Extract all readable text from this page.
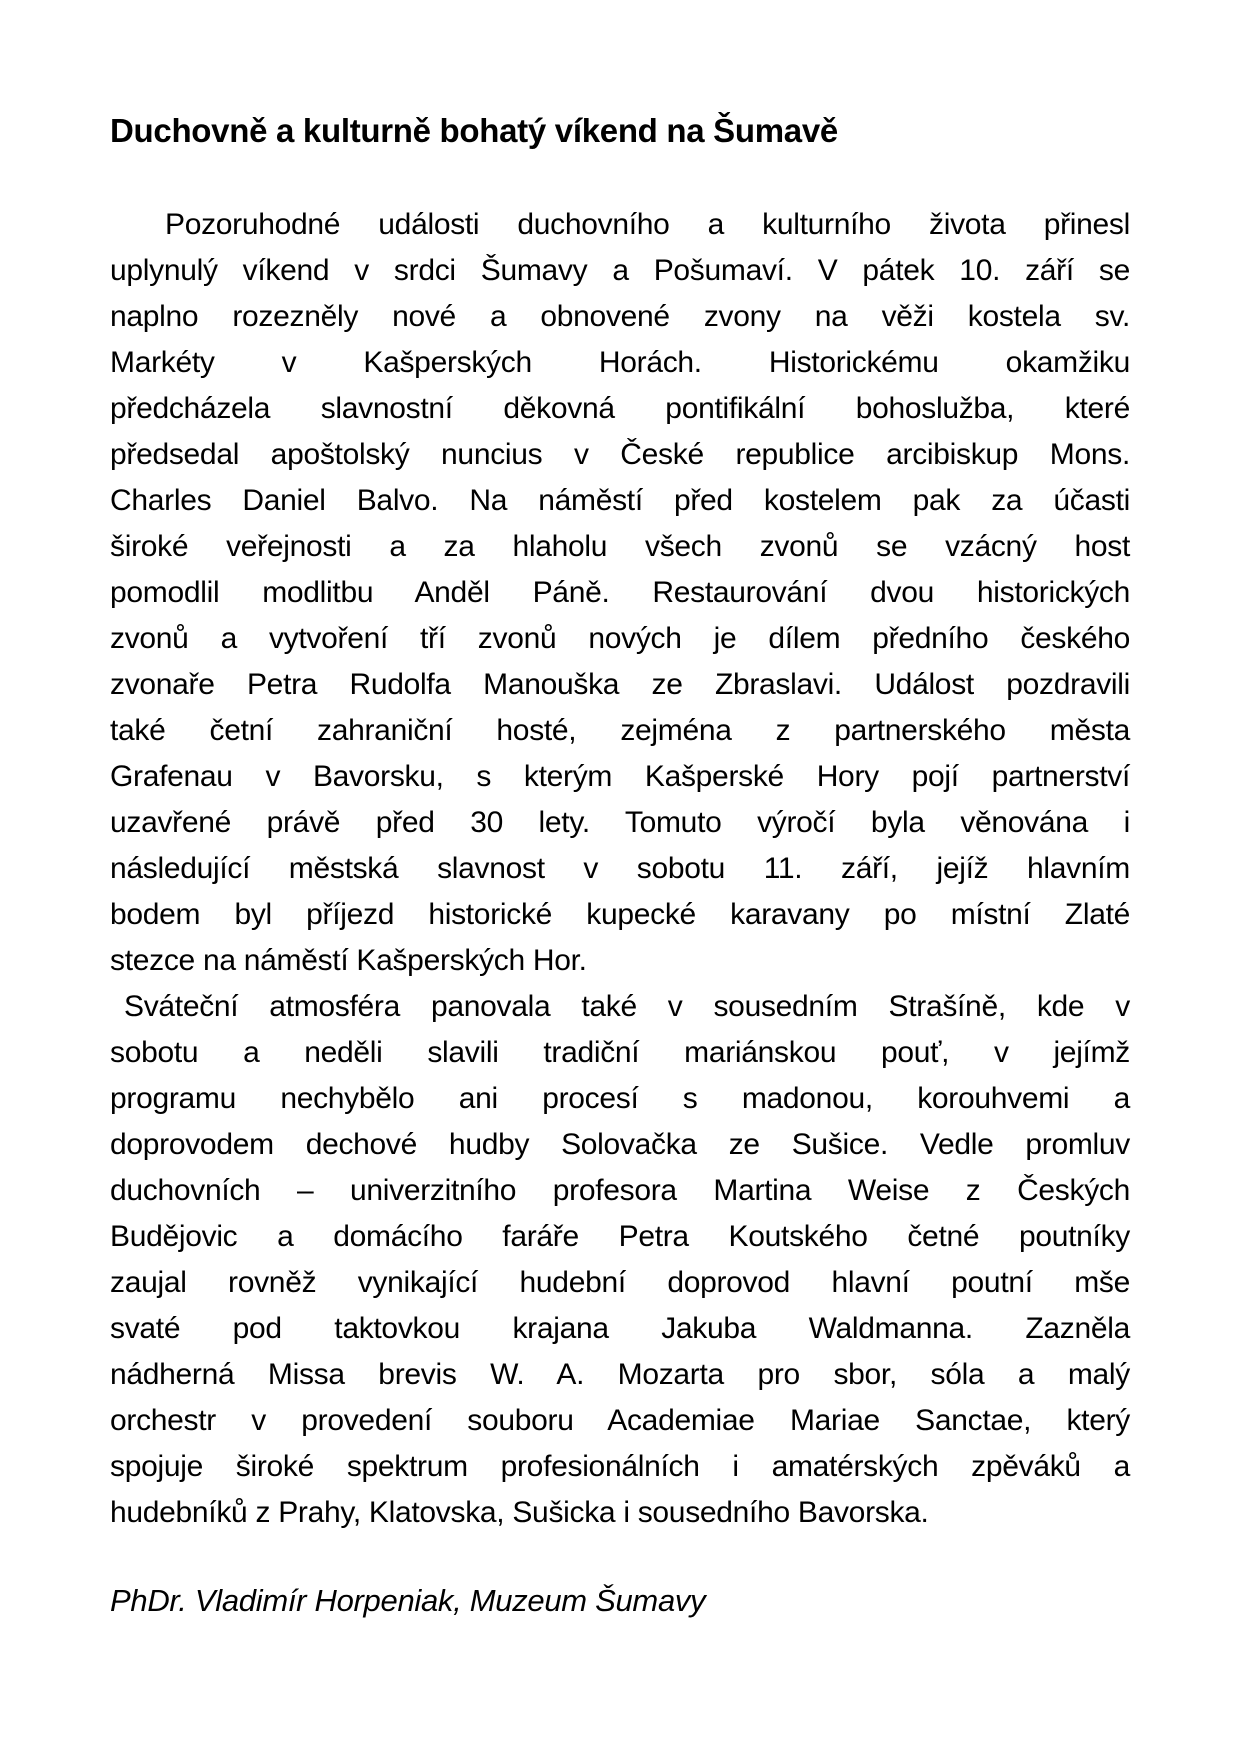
Duchovně a kulturně bohatý víkend na Šumavě
Pozoruhodné události duchovního a kulturního života přinesl
uplynulý víkend v srdci Šumavy a Pošumaví. V pátek 10. září se
naplno rozezněly nové a obnovené zvony na věži kostela sv.
Markéty v Kašperských Horách. Historickému okamžiku
předcházela slavnostní děkovná pontifikální bohoslužba, které
předsedal apoštolský nuncius v České republice arcibiskup Mons.
Charles Daniel Balvo. Na náměstí před kostelem pak za účasti
široké veřejnosti a za hlaholu všech zvonů se vzácný host
pomodlil modlitbu Anděl Páně. Restaurování dvou historických
zvonů a vytvoření tří zvonů nových je dílem předního českého
zvonaře Petra Rudolfa Manouška ze Zbraslavi. Událost pozdravili
také četní zahraniční hosté, zejména z partnerského města
Grafenau v Bavorsku, s kterým Kašperské Hory pojí partnerství
uzavřené právě před 30 lety. Tomuto výročí byla věnována i
následující městská slavnost v sobotu 11. září, jejíž hlavním
bodem byl příjezd historické kupecké karavany po místní Zlaté
stezce na náměstí Kašperských Hor.
Sváteční atmosféra panovala také v sousedním Strašíně, kde v
sobotu a neděli slavili tradiční mariánskou pouť, v jejímž
programu nechybělo ani procesí s madonou, korouhvemi a
doprovodem dechové hudby Solovačka ze Sušice. Vedle promluv
duchovních – univerzitního profesora Martina Weise z Českých
Budějovic a domácího faráře Petra Koutského četné poutníky
zaujal rovněž vynikající hudební doprovod hlavní poutní mše
svaté pod taktovkou krajana Jakuba Waldmanna. Zazněla
nádherná Missa brevis W. A. Mozarta pro sbor, sóla a malý
orchestr v provedení souboru Academiae Mariae Sanctae, který
spojuje široké spektrum profesionálních i amatérských zpěváků a
hudebníků z Prahy, Klatovska, Sušicka i sousedního Bavorska.
PhDr. Vladimír Horpeniak, Muzeum Šumavy
